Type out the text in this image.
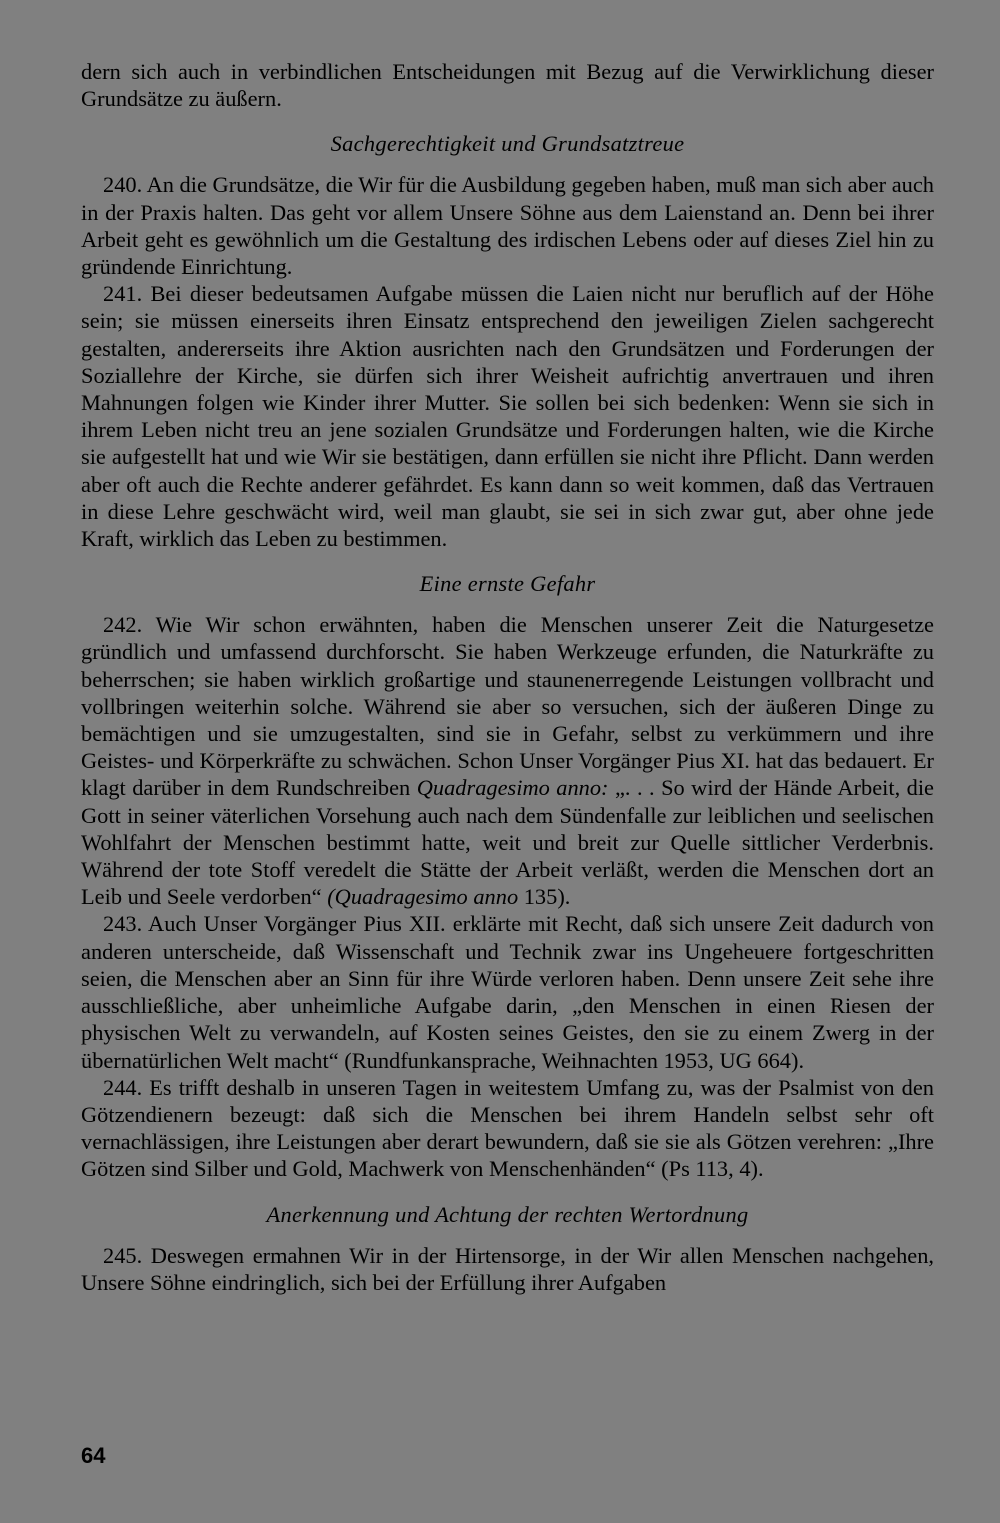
dern sich auch in verbindlichen Entscheidungen mit Bezug auf die Verwirklichung dieser Grundsätze zu äußern.

Sachgerechtigkeit und Grundsatztreue

240. An die Grundsätze, die Wir für die Ausbildung gegeben haben, muß man sich aber auch in der Praxis halten. Das geht vor allem Unsere Söhne aus dem Laienstand an. Denn bei ihrer Arbeit geht es gewöhnlich um die Gestaltung des irdischen Lebens oder auf dieses Ziel hin zu gründende Einrichtung.

241. Bei dieser bedeutsamen Aufgabe müssen die Laien nicht nur beruflich auf der Höhe sein; sie müssen einerseits ihren Einsatz entsprechend den jeweiligen Zielen sachgerecht gestalten, andererseits ihre Aktion ausrichten nach den Grundsätzen und Forderungen der Soziallehre der Kirche, sie dürfen sich ihrer Weisheit aufrichtig anvertrauen und ihren Mahnungen folgen wie Kinder ihrer Mutter. Sie sollen bei sich bedenken: Wenn sie sich in ihrem Leben nicht treu an jene sozialen Grundsätze und Forderungen halten, wie die Kirche sie aufgestellt hat und wie Wir sie bestätigen, dann erfüllen sie nicht ihre Pflicht. Dann werden aber oft auch die Rechte anderer gefährdet. Es kann dann so weit kommen, daß das Vertrauen in diese Lehre geschwächt wird, weil man glaubt, sie sei in sich zwar gut, aber ohne jede Kraft, wirklich das Leben zu bestimmen.

Eine ernste Gefahr

242. Wie Wir schon erwähnten, haben die Menschen unserer Zeit die Naturgesetze gründlich und umfassend durchforscht. Sie haben Werkzeuge erfunden, die Naturkräfte zu beherrschen; sie haben wirklich großartige und staunenerregende Leistungen vollbracht und vollbringen weiterhin solche. Während sie aber so versuchen, sich der äußeren Dinge zu bemächtigen und sie umzugestalten, sind sie in Gefahr, selbst zu verkümmern und ihre Geistes- und Körperkräfte zu schwächen. Schon Unser Vorgänger Pius XI. hat das bedauert. Er klagt darüber in dem Rundschreiben Quadragesimo anno: „. . . So wird der Hände Arbeit, die Gott in seiner väterlichen Vorsehung auch nach dem Sündenfalle zur leiblichen und seelischen Wohlfahrt der Menschen bestimmt hatte, weit und breit zur Quelle sittlicher Verderbnis. Während der tote Stoff veredelt die Stätte der Arbeit verläßt, werden die Menschen dort an Leib und Seele verdorben“ (Quadragesimo anno 135).

243. Auch Unser Vorgänger Pius XII. erklärte mit Recht, daß sich unsere Zeit dadurch von anderen unterscheide, daß Wissenschaft und Technik zwar ins Ungeheuere fortgeschritten seien, die Menschen aber an Sinn für ihre Würde verloren haben. Denn unsere Zeit sehe ihre ausschließliche, aber unheimliche Aufgabe darin, „den Menschen in einen Riesen der physischen Welt zu verwandeln, auf Kosten seines Geistes, den sie zu einem Zwerg in der übernatürlichen Welt macht“ (Rundfunkansprache, Weihnachten 1953, UG 664).

244. Es trifft deshalb in unseren Tagen in weitestem Umfang zu, was der Psalmist von den Götzendienern bezeugt: daß sich die Menschen bei ihrem Handeln selbst sehr oft vernachlässigen, ihre Leistungen aber derart bewundern, daß sie sie als Götzen verehren: „Ihre Götzen sind Silber und Gold, Machwerk von Menschenhänden“ (Ps 113, 4).

Anerkennung und Achtung der rechten Wertordnung

245. Deswegen ermahnen Wir in der Hirtensorge, in der Wir allen Menschen nachgehen, Unsere Söhne eindringlich, sich bei der Erfüllung ihrer Aufgaben

64
